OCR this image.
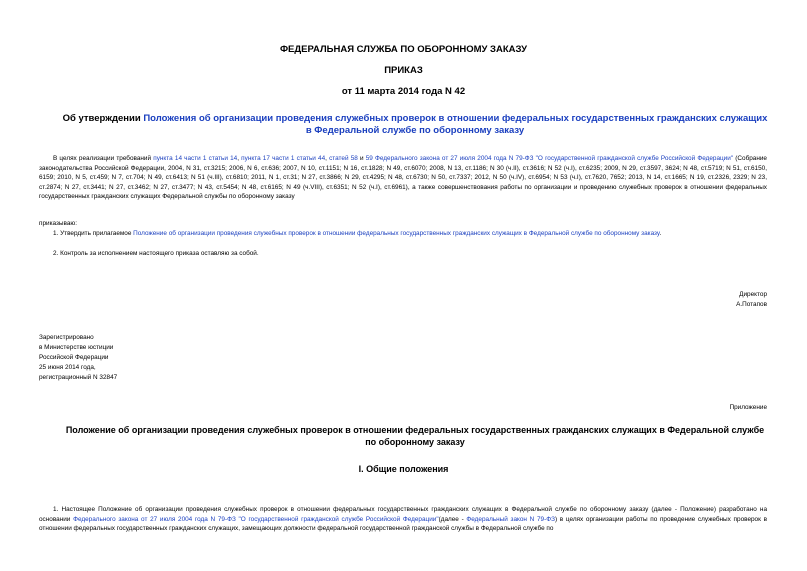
ФЕДЕРАЛЬНАЯ СЛУЖБА ПО ОБОРОННОМУ ЗАКАЗУ
ПРИКАЗ
от 11 марта 2014 года N 42
Об утверждении Положения об организации проведения служебных проверок в отношении федеральных государственных гражданских служащих в Федеральной службе по оборонному заказу
В целях реализации требований пункта 14 части 1 статьи 14, пункта 17 части 1 статьи 44, статей 58 и 59 Федерального закона от 27 июля 2004 года N 79-ФЗ "О государственной гражданской службе Российской Федерации" (Собрание законодательства Российской Федерации, 2004, N 31, ст.3215; 2006, N 6, ст.636; 2007, N 10, ст.1151; N 16, ст.1828; N 49, ст.6070; 2008, N 13, ст.1186; N 30 (ч.II), ст.3616; N 52 (ч.I), ст.6235; 2009, N 29, ст.3597, 3624; N 48, ст.5719; N 51, ст.6150, 6159; 2010, N 5, ст.459; N 7, ст.704; N 49, ст.6413; N 51 (ч.III), ст.6810; 2011, N 1, ст.31; N 27, ст.3866; N 29, ст.4295; N 48, ст.6730; N 50, ст.7337; 2012, N 50 (ч.IV), ст.6954; N 53 (ч.I), ст.7620, 7652; 2013, N 14, ст.1665; N 19, ст.2326, 2329; N 23, ст.2874; N 27, ст.3441; N 27, ст.3462; N 27, ст.3477; N 43, ст.5454; N 48, ст.6165; N 49 (ч.VIII), ст.6351; N 52 (ч.I), ст.6961), а также совершенствования работы по организации и проведению служебных проверок в отношении федеральных государственных гражданских служащих Федеральной службы по оборонному заказу
приказываю:
1. Утвердить прилагаемое Положение об организации проведения служебных проверок в отношении федеральных государственных гражданских служащих в Федеральной службе по оборонному заказу.
2. Контроль за исполнением настоящего приказа оставляю за собой.
Директор
А.Потапов
Зарегистрировано
в Министерстве юстиции
Российской Федерации
25 июня 2014 года,
регистрационный N 32847
Приложение
Положение об организации проведения служебных проверок в отношении федеральных государственных гражданских служащих в Федеральной службе по оборонному заказу
I. Общие положения
1. Настоящее Положение об организации проведения служебных проверок в отношении федеральных государственных гражданских служащих в Федеральной службе по оборонному заказу (далее - Положение) разработано на основании Федерального закона от 27 июля 2004 года N 79-ФЗ "О государственной гражданской службе Российской Федерации"(далее - Федеральный закон N 79-ФЗ) в целях организации работы по проведение служебных проверок в отношении федеральных государственных гражданских служащих, замещающих должности федеральной государственной гражданской службы в Федеральной службе по
